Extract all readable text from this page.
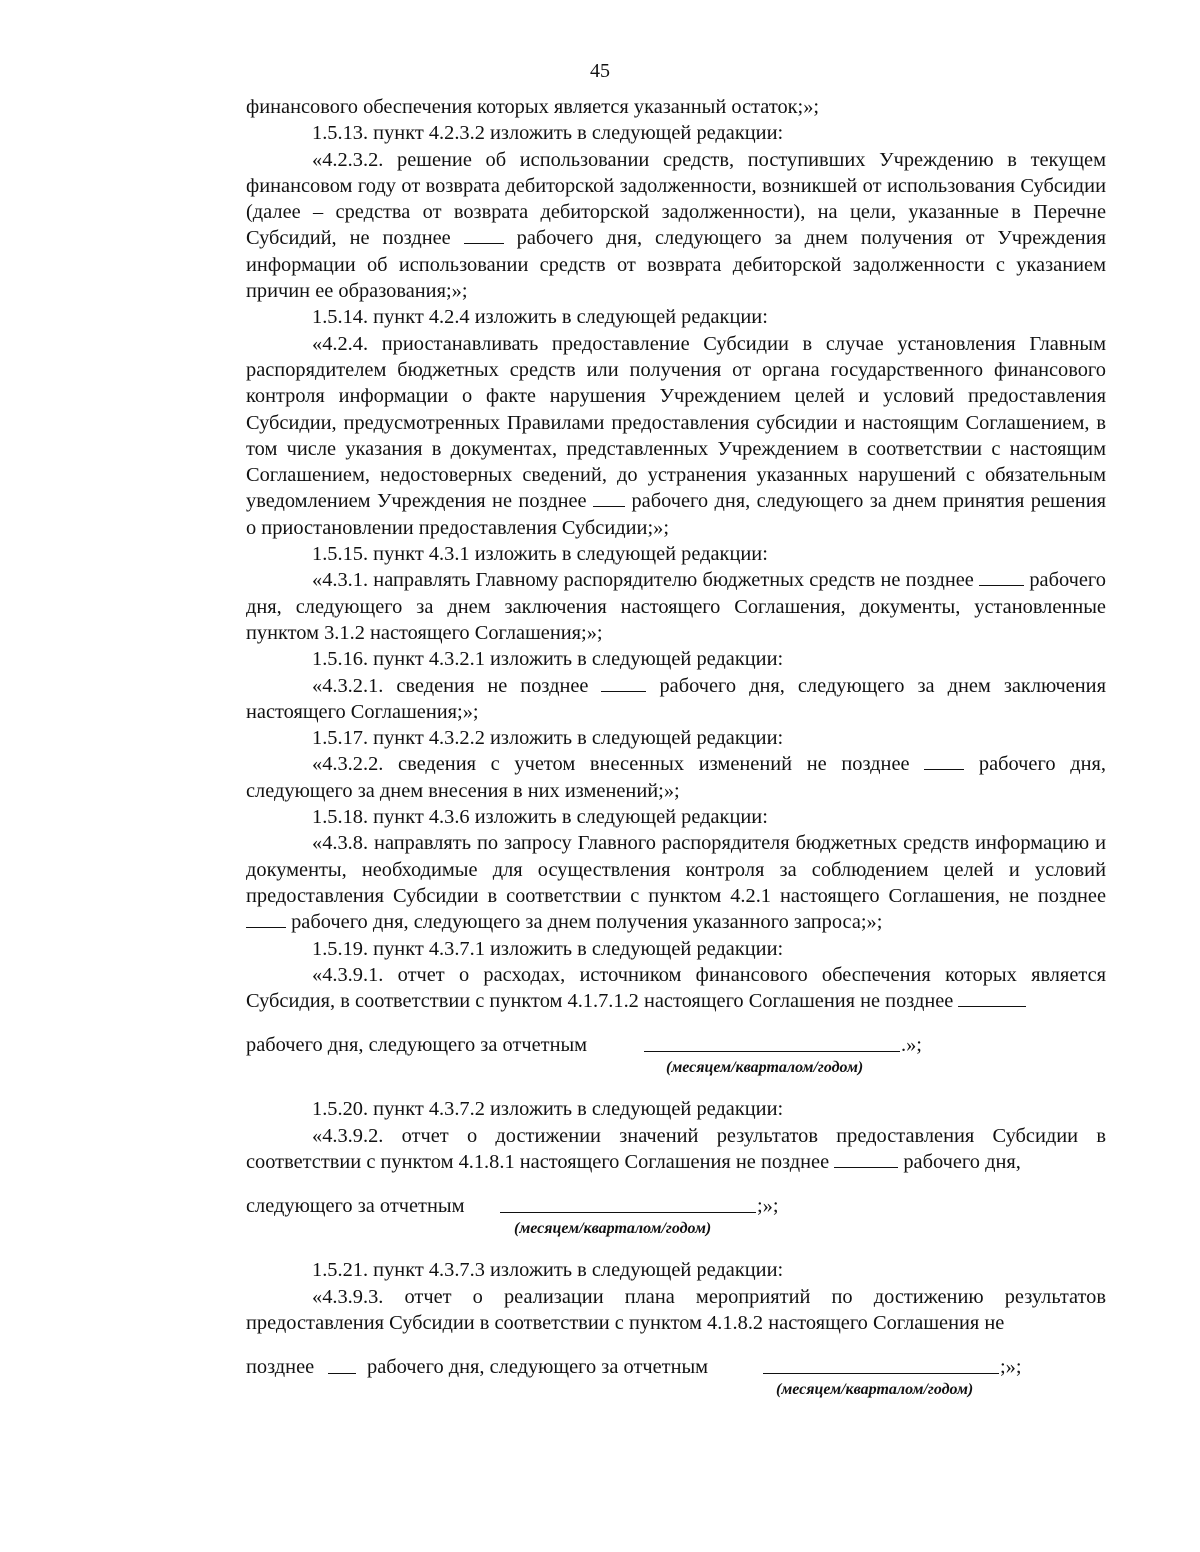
45

финансового обеспечения которых является указанный остаток;»;

1.5.13. пункт 4.2.3.2 изложить в следующей редакции:

«4.2.3.2. решение об использовании средств, поступивших Учреждению в текущем финансовом году от возврата дебиторской задолженности, возникшей от использования Субсидии (далее – средства от возврата дебиторской задолженности), на цели, указанные в Перечне Субсидий, не позднее	рабочего дня, следующего за днем получения от Учреждения информации об использовании средств от возврата дебиторской задолженности с указанием причин ее образования;»;

1.5.14. пункт 4.2.4 изложить в следующей редакции:

«4.2.4. приостанавливать предоставление Субсидии в случае установления Главным распорядителем бюджетных средств или получения от органа государственного финансового контроля информации о факте нарушения Учреждением целей и условий предоставления Субсидии, предусмотренных Правилами предоставления субсидии и настоящим Соглашением, в том числе указания в документах, представленных Учреждением в соответствии с настоящим Соглашением, недостоверных сведений, до устранения указанных нарушений с обязательным уведомлением Учреждения не позднее рабочего дня, следующего за днем принятия решения о приостановлении предоставления Субсидии;»;

1.5.15. пункт 4.3.1 изложить в следующей редакции:

«4.3.1. направлять Главному распорядителю бюджетных средств не позднее	рабочего дня, следующего за днем заключения настоящего Соглашения, документы, установленные пунктом 3.1.2 настоящего Соглашения;»;

1.5.16. пункт 4.3.2.1 изложить в следующей редакции:

«4.3.2.1. сведения не позднее	рабочего дня, следующего за днем заключения настоящего Соглашения;»;

1.5.17. пункт 4.3.2.2 изложить в следующей редакции:

«4.3.2.2. сведения с учетом внесенных изменений не позднее	рабочего дня, следующего за днем внесения в них изменений;»;

1.5.18. пункт 4.3.6 изложить в следующей редакции:

«4.3.8. направлять по запросу Главного распорядителя бюджетных средств информацию и документы, необходимые для осуществления контроля за соблюдением целей и условий предоставления Субсидии в соответствии с пунктом 4.2.1 настоящего Соглашения, не позднее  рабочего дня, следующего за днем получения указанного запроса;»;

1.5.19. пункт 4.3.7.1 изложить в следующей редакции:

«4.3.9.1. отчет о расходах, источником финансового обеспечения которых является Субсидия, в соответствии с пунктом 4.1.7.1.2 настоящего Соглашения не позднее

рабочего дня, следующего за отчетным	.»;
(месяцем/кварталом/годом)

1.5.20. пункт 4.3.7.2 изложить в следующей редакции:

«4.3.9.2. отчет о достижении значений результатов предоставления Субсидии в соответствии с пунктом 4.1.8.1 настоящего Соглашения не позднее	рабочего дня,

следующего за отчетным	;»;
(месяцем/кварталом/годом)

1.5.21. пункт 4.3.7.3 изложить в следующей редакции:

«4.3.9.3. отчет о реализации плана мероприятий по достижению результатов предоставления Субсидии в соответствии с пунктом 4.1.8.2 настоящего Соглашения не

позднее	рабочего дня, следующего за отчетным	;»;
(месяцем/кварталом/годом)
